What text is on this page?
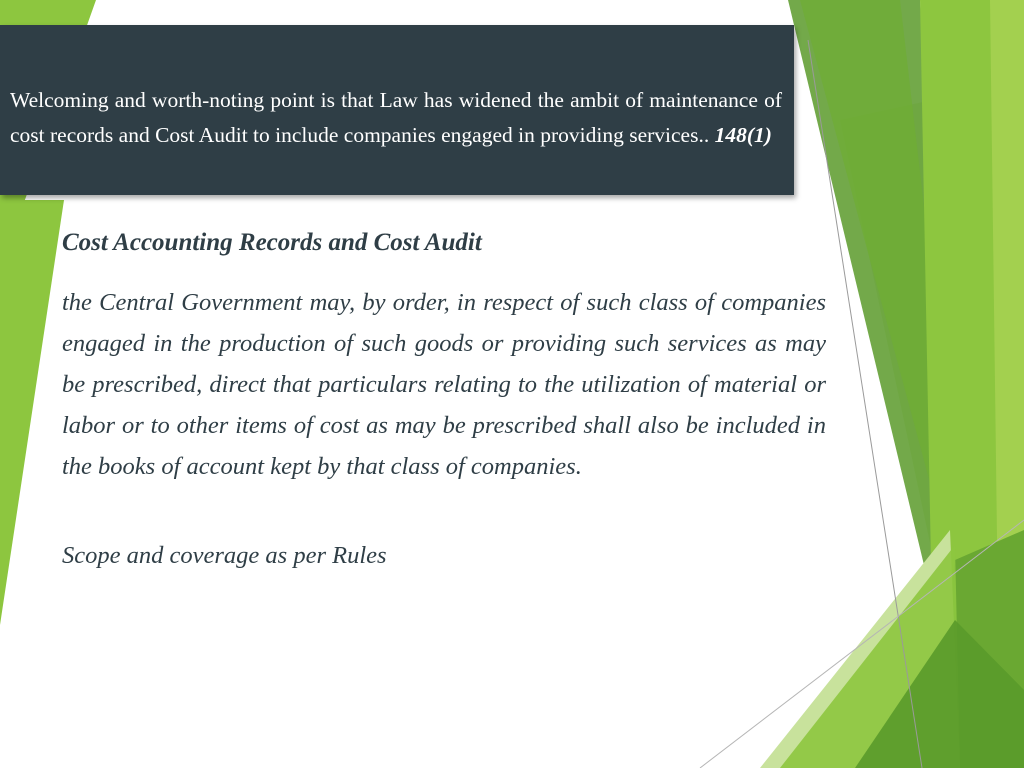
Welcoming and worth-noting point is that Law has widened the ambit of maintenance of cost records and Cost Audit to include companies engaged in providing services.. 148(1)
Cost Accounting Records and Cost Audit

the Central Government may, by order, in respect of such class of companies engaged in the production of such goods or providing such services as may be prescribed, direct that particulars relating to the utilization of material or labor or to other items of cost as may be prescribed shall also be included in the books of account kept by that class of companies.

Scope and coverage as per Rules
